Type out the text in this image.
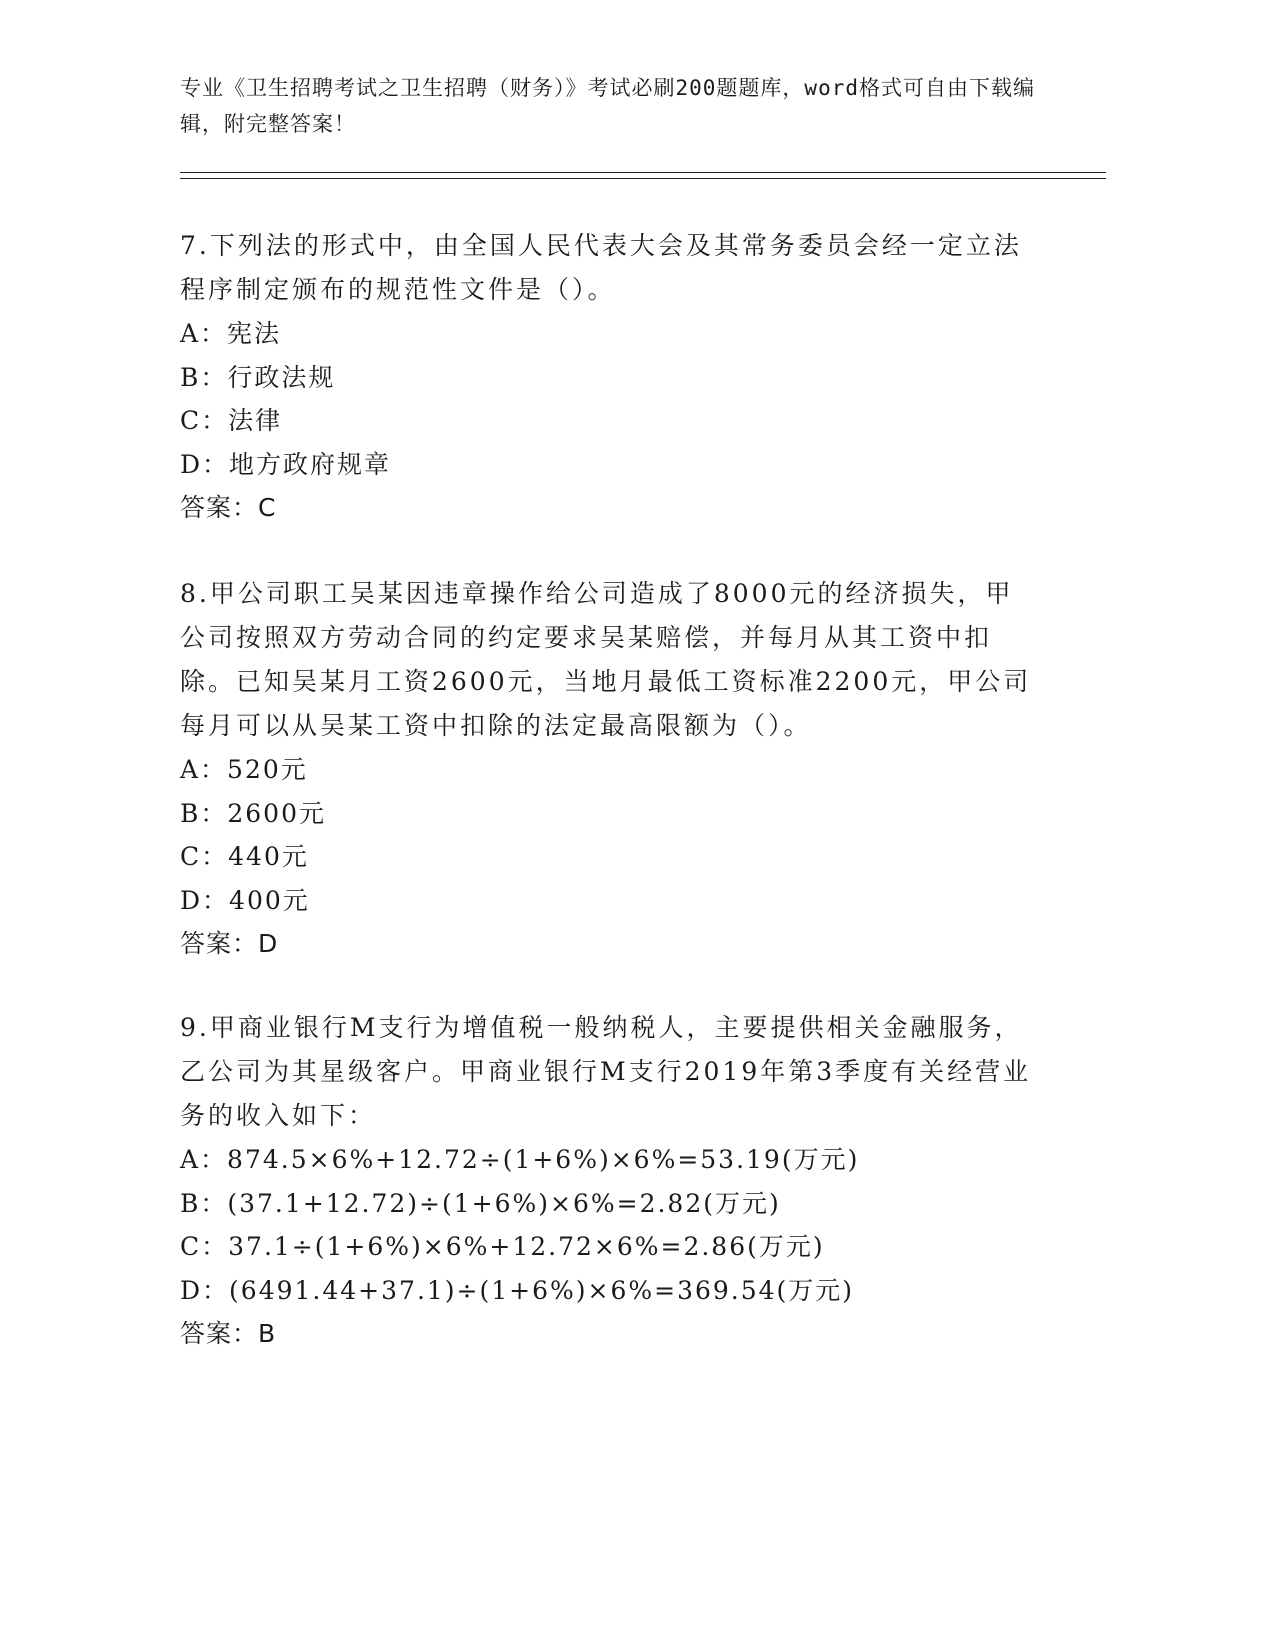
专业《卫生招聘考试之卫生招聘（财务）》考试必刷200题题库，word格式可自由下载编辑，附完整答案！

7.下列法的形式中，由全国人民代表大会及其常务委员会经一定立法程序制定颁布的规范性文件是（）。

A：宪法

B：行政法规

C：法律

D：地方政府规章

答案：C

8.甲公司职工吴某因违章操作给公司造成了8000元的经济损失，甲公司按照双方劳动合同的约定要求吴某赔偿，并每月从其工资中扣除。已知吴某月工资2600元，当地月最低工资标准2200元，甲公司每月可以从吴某工资中扣除的法定最高限额为（）。

A：520元

B：2600元

C：440元

D：400元

答案：D

9.甲商业银行M支行为增值税一般纳税人，主要提供相关金融服务，乙公司为其星级客户。甲商业银行M支行2019年第3季度有关经营业务的收入如下：

A：874.5×6%+12.72÷(1+6%)×6%=53.19(万元)

B：(37.1+12.72)÷(1+6%)×6%=2.82(万元)

C：37.1÷(1+6%)×6%+12.72×6%=2.86(万元)

D：(6491.44+37.1)÷(1+6%)×6%=369.54(万元)

答案：B
